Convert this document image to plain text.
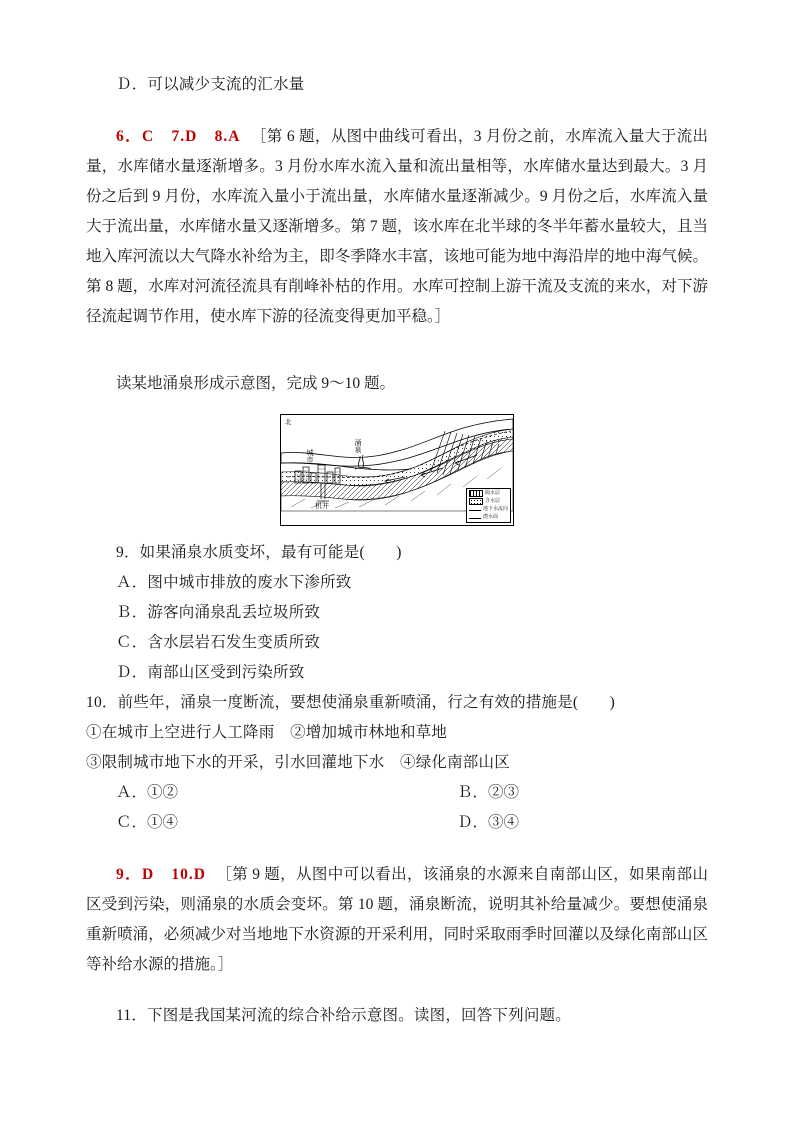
Ｄ．可以减少支流的汇水量

6．C　7.D　8.A ［第 6 题，从图中曲线可看出，3 月份之前，水库流入量大于流出量，水库储水量逐渐增多。3 月份水库水流入量和流出量相等，水库储水量达到最大。3 月份之后到 9 月份，水库流入量小于流出量，水库储水量逐渐减少。9 月份之后，水库流入量大于流出量，水库储水量又逐渐增多。第 7 题，该水库在北半球的冬半年蓄水量较大，且当地入库河流以大气降水补给为主，即冬季降水丰富，该地可能为地中海沿岸的地中海气候。第 8 题，水库对河流径流具有削峰补枯的作用。水库可控制上游干流及支流的来水，对下游径流起调节作用，使水库下游的径流变得更加平稳。］

读某地涌泉形成示意图，完成 9～10 题。

北
城市
涌泉
机井
隔水层
含水层
地下水流向
潜水面

9．如果涌泉水质变坏，最有可能是(　　)

Ａ．图中城市排放的废水下渗所致

Ｂ．游客向涌泉乱丢垃圾所致

Ｃ．含水层岩石发生变质所致

Ｄ．南部山区受到污染所致

10．前些年，涌泉一度断流，要想使涌泉重新喷涌，行之有效的措施是(　　)

①在城市上空进行人工降雨　②增加城市林地和草地

③限制城市地下水的开采，引水回灌地下水　④绿化南部山区

Ａ．①②	Ｂ．②③
Ｃ．①④	Ｄ．③④

9．D　10.D ［第 9 题，从图中可以看出，该涌泉的水源来自南部山区，如果南部山区受到污染，则涌泉的水质会变坏。第 10 题，涌泉断流，说明其补给量减少。要想使涌泉重新喷涌，必须减少对当地地下水资源的开采利用，同时采取雨季时回灌以及绿化南部山区等补给水源的措施。］

11．下图是我国某河流的综合补给示意图。读图，回答下列问题。
